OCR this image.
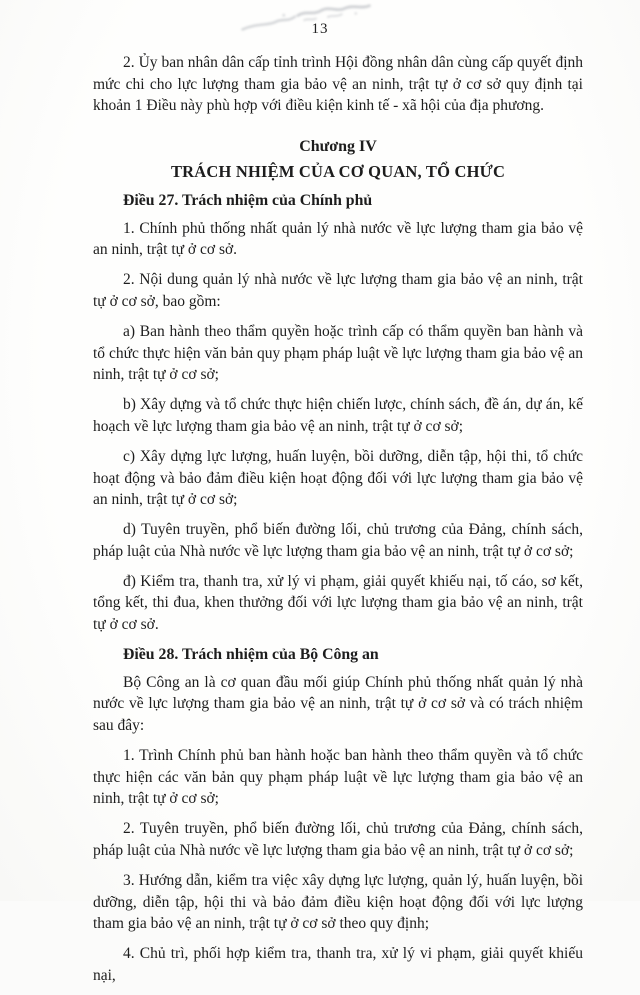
13

2. Ủy ban nhân dân cấp tỉnh trình Hội đồng nhân dân cùng cấp quyết định mức chi cho lực lượng tham gia bảo vệ an ninh, trật tự ở cơ sở quy định tại khoản 1 Điều này phù hợp với điều kiện kinh tế - xã hội của địa phương.

Chương IV

TRÁCH NHIỆM CỦA CƠ QUAN, TỔ CHỨC

Điều 27. Trách nhiệm của Chính phủ

1. Chính phủ thống nhất quản lý nhà nước về lực lượng tham gia bảo vệ an ninh, trật tự ở cơ sở.

2. Nội dung quản lý nhà nước về lực lượng tham gia bảo vệ an ninh, trật tự ở cơ sở, bao gồm:

a) Ban hành theo thẩm quyền hoặc trình cấp có thẩm quyền ban hành và tổ chức thực hiện văn bản quy phạm pháp luật về lực lượng tham gia bảo vệ an ninh, trật tự ở cơ sở;

b) Xây dựng và tổ chức thực hiện chiến lược, chính sách, đề án, dự án, kế hoạch về lực lượng tham gia bảo vệ an ninh, trật tự ở cơ sở;

c) Xây dựng lực lượng, huấn luyện, bồi dưỡng, diễn tập, hội thi, tổ chức hoạt động và bảo đảm điều kiện hoạt động đối với lực lượng tham gia bảo vệ an ninh, trật tự ở cơ sở;

d) Tuyên truyền, phổ biến đường lối, chủ trương của Đảng, chính sách, pháp luật của Nhà nước về lực lượng tham gia bảo vệ an ninh, trật tự ở cơ sở;

đ) Kiểm tra, thanh tra, xử lý vi phạm, giải quyết khiếu nại, tố cáo, sơ kết, tổng kết, thi đua, khen thưởng đối với lực lượng tham gia bảo vệ an ninh, trật tự ở cơ sở.

Điều 28. Trách nhiệm của Bộ Công an

Bộ Công an là cơ quan đầu mối giúp Chính phủ thống nhất quản lý nhà nước về lực lượng tham gia bảo vệ an ninh, trật tự ở cơ sở và có trách nhiệm sau đây:

1. Trình Chính phủ ban hành hoặc ban hành theo thẩm quyền và tổ chức thực hiện các văn bản quy phạm pháp luật về lực lượng tham gia bảo vệ an ninh, trật tự ở cơ sở;

2. Tuyên truyền, phổ biến đường lối, chủ trương của Đảng, chính sách, pháp luật của Nhà nước về lực lượng tham gia bảo vệ an ninh, trật tự ở cơ sở;

3. Hướng dẫn, kiểm tra việc xây dựng lực lượng, quản lý, huấn luyện, bồi dưỡng, diễn tập, hội thi và bảo đảm điều kiện hoạt động đối với lực lượng tham gia bảo vệ an ninh, trật tự ở cơ sở theo quy định;

4. Chủ trì, phối hợp kiểm tra, thanh tra, xử lý vi phạm, giải quyết khiếu nại,
